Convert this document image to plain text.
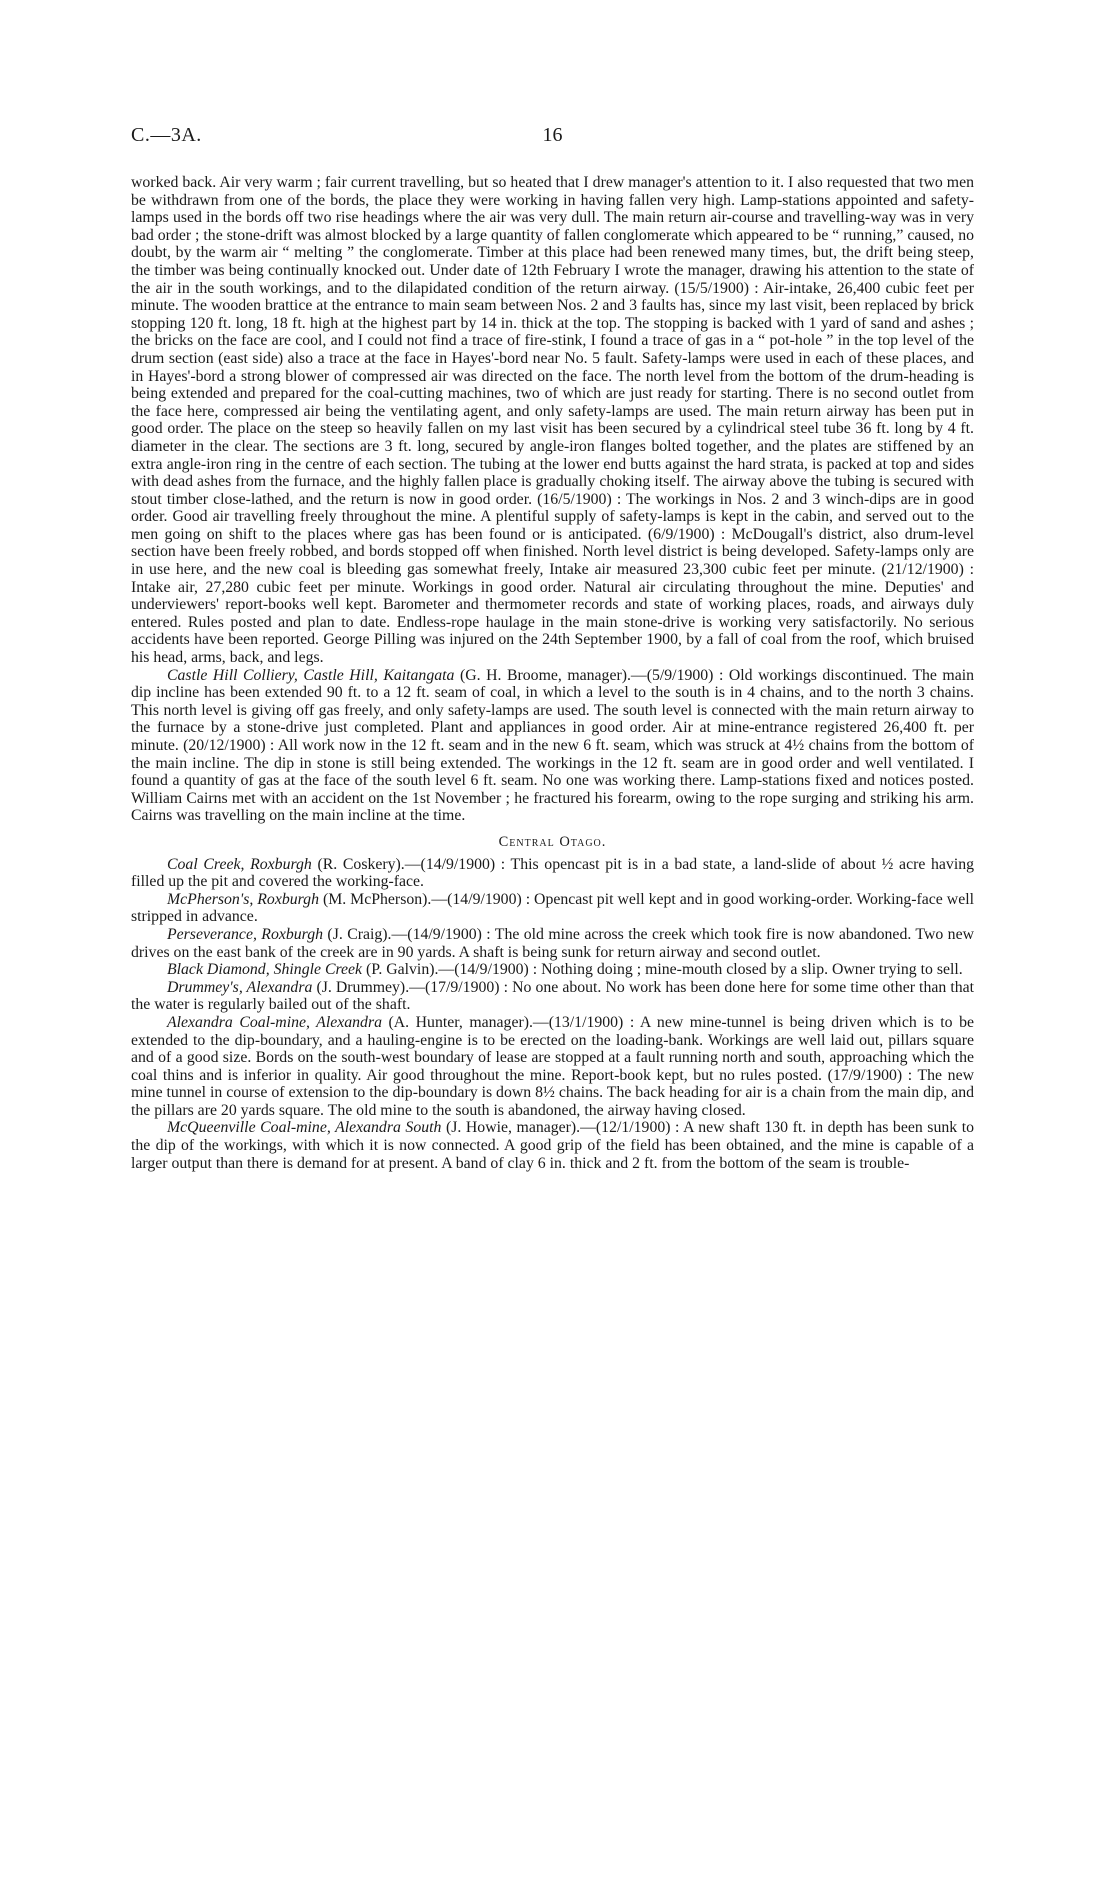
C.—3A.	16

worked back. Air very warm ; fair current travelling, but so heated that I drew manager's attention to it. I also requested that two men be withdrawn from one of the bords, the place they were working in having fallen very high. Lamp-stations appointed and safety-lamps used in the bords off two rise headings where the air was very dull. The main return air-course and travelling-way was in very bad order ; the stone-drift was almost blocked by a large quantity of fallen conglomerate which appeared to be “ running,” caused, no doubt, by the warm air “ melting ” the conglomerate. Timber at this place had been renewed many times, but, the drift being steep, the timber was being continually knocked out. Under date of 12th February I wrote the manager, drawing his attention to the state of the air in the south workings, and to the dilapidated condition of the return airway. (15/5/1900) : Air-intake, 26,400 cubic feet per minute. The wooden brattice at the entrance to main seam between Nos. 2 and 3 faults has, since my last visit, been replaced by brick stopping 120 ft. long, 18 ft. high at the highest part by 14 in. thick at the top. The stopping is backed with 1 yard of sand and ashes ; the bricks on the face are cool, and I could not find a trace of fire-stink, I found a trace of gas in a “ pot-hole ” in the top level of the drum section (east side) also a trace at the face in Hayes'-bord near No. 5 fault. Safety-lamps were used in each of these places, and in Hayes'-bord a strong blower of compressed air was directed on the face. The north level from the bottom of the drum-heading is being extended and prepared for the coal-cutting machines, two of which are just ready for starting. There is no second outlet from the face here, compressed air being the ventilating agent, and only safety-lamps are used. The main return airway has been put in good order. The place on the steep so heavily fallen on my last visit has been secured by a cylindrical steel tube 36 ft. long by 4 ft. diameter in the clear. The sections are 3 ft. long, secured by angle-iron flanges bolted together, and the plates are stiffened by an extra angle-iron ring in the centre of each section. The tubing at the lower end butts against the hard strata, is packed at top and sides with dead ashes from the furnace, and the highly fallen place is gradually choking itself. The airway above the tubing is secured with stout timber close-lathed, and the return is now in good order. (16/5/1900) : The workings in Nos. 2 and 3 winch-dips are in good order. Good air travelling freely throughout the mine. A plentiful supply of safety-lamps is kept in the cabin, and served out to the men going on shift to the places where gas has been found or is anticipated. (6/9/1900) : McDougall's district, also drum-level section have been freely robbed, and bords stopped off when finished. North level district is being developed. Safety-lamps only are in use here, and the new coal is bleeding gas somewhat freely, Intake air measured 23,300 cubic feet per minute. (21/12/1900) : Intake air, 27,280 cubic feet per minute. Workings in good order. Natural air circulating throughout the mine. Deputies' and underviewers' report-books well kept. Barometer and thermometer records and state of working places, roads, and airways duly entered. Rules posted and plan to date. Endless-rope haulage in the main stone-drive is working very satisfactorily. No serious accidents have been reported. George Pilling was injured on the 24th September 1900, by a fall of coal from the roof, which bruised his head, arms, back, and legs.

Castle Hill Colliery, Castle Hill, Kaitangata (G. H. Broome, manager).—(5/9/1900) : Old workings discontinued. The main dip incline has been extended 90 ft. to a 12 ft. seam of coal, in which a level to the south is in 4 chains, and to the north 3 chains. This north level is giving off gas freely, and only safety-lamps are used. The south level is connected with the main return airway to the furnace by a stone-drive just completed. Plant and appliances in good order. Air at mine-entrance registered 26,400 ft. per minute. (20/12/1900) : All work now in the 12 ft. seam and in the new 6 ft. seam, which was struck at 4½ chains from the bottom of the main incline. The dip in stone is still being extended. The workings in the 12 ft. seam are in good order and well ventilated. I found a quantity of gas at the face of the south level 6 ft. seam. No one was working there. Lamp-stations fixed and notices posted. William Cairns met with an accident on the 1st November ; he fractured his forearm, owing to the rope surging and striking his arm. Cairns was travelling on the main incline at the time.

Central Otago.

Coal Creek, Roxburgh (R. Coskery).—(14/9/1900) : This opencast pit is in a bad state, a land-slide of about ½ acre having filled up the pit and covered the working-face.

McPherson's, Roxburgh (M. McPherson).—(14/9/1900) : Opencast pit well kept and in good working-order. Working-face well stripped in advance.

Perseverance, Roxburgh (J. Craig).—(14/9/1900) : The old mine across the creek which took fire is now abandoned. Two new drives on the east bank of the creek are in 90 yards. A shaft is being sunk for return airway and second outlet.

Black Diamond, Shingle Creek (P. Galvin).—(14/9/1900) : Nothing doing ; mine-mouth closed by a slip. Owner trying to sell.

Drummey's, Alexandra (J. Drummey).—(17/9/1900) : No one about. No work has been done here for some time other than that the water is regularly bailed out of the shaft.

Alexandra Coal-mine, Alexandra (A. Hunter, manager).—(13/1/1900) : A new mine-tunnel is being driven which is to be extended to the dip-boundary, and a hauling-engine is to be erected on the loading-bank. Workings are well laid out, pillars square and of a good size. Bords on the south-west boundary of lease are stopped at a fault running north and south, approaching which the coal thins and is inferior in quality. Air good throughout the mine. Report-book kept, but no rules posted. (17/9/1900) : The new mine tunnel in course of extension to the dip-boundary is down 8½ chains. The back heading for air is a chain from the main dip, and the pillars are 20 yards square. The old mine to the south is abandoned, the airway having closed.

McQueenville Coal-mine, Alexandra South (J. Howie, manager).—(12/1/1900) : A new shaft 130 ft. in depth has been sunk to the dip of the workings, with which it is now connected. A good grip of the field has been obtained, and the mine is capable of a larger output than there is demand for at present. A band of clay 6 in. thick and 2 ft. from the bottom of the seam is trouble-
